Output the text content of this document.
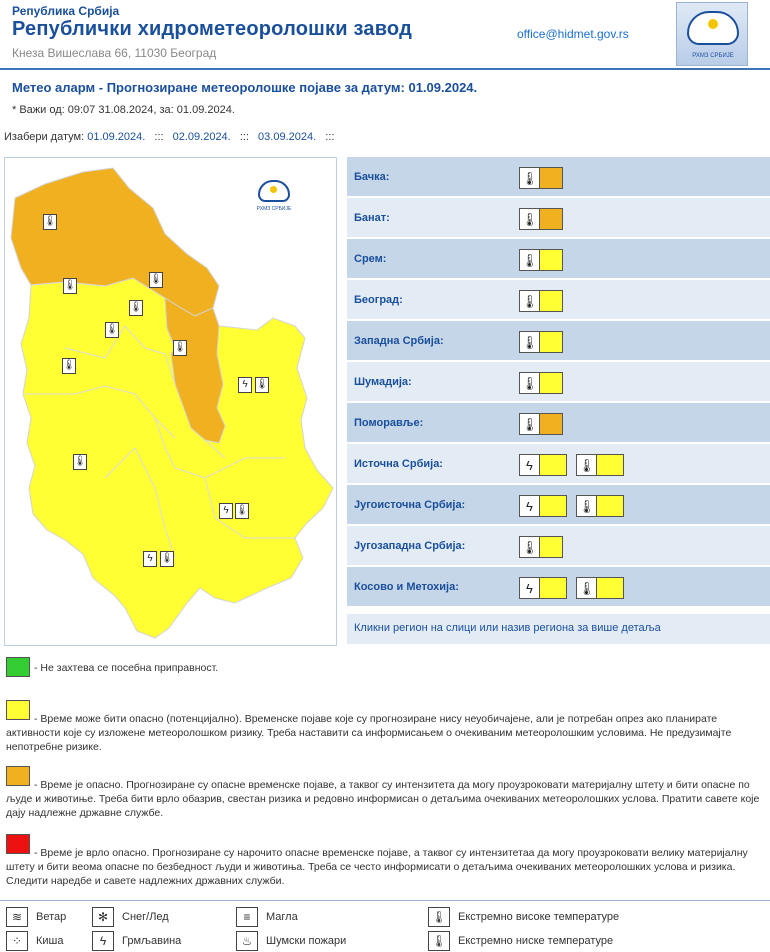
Република Србија
Републички хидрометеоролошки завод
Кнеза Вишеслава 66, 11030 Београд
office@hidmet.gov.rs
РХМЗ СРБИЈЕ
Метео аларм - Прогнозиране метеоролошке појаве за датум: 01.09.2024.
* Важи од: 09:07 31.08.2024, за: 01.09.2024.
Изабери датум: 01.09.2024. ::: 02.09.2024. ::: 03.09.2024. :::
РХМЗ СРБИЈЕ
🌡
🌡
🌡
🌡
🌡
🌡
🌡
ϟ 🌡
🌡
ϟ 🌡
ϟ 🌡
Бачка:	🌡
Банат:	🌡
Срем:	🌡
Београд:	🌡
Западна Србија:	🌡
Шумадија:	🌡
Поморавље:	🌡
Источна Србија:	ϟ	🌡
Југоисточна Србија:	ϟ	🌡
Југозападна Србија:	🌡
Косово и Метохија:	ϟ	🌡
Кликни регион на слици или назив региона за више детаља
- Не захтева се посебна приправност.
- Време може бити опасно (потенцијално). Временске појаве које су прогнозиране нису неуобичајене, али је потребан опрез ако планирате активности које су изложене метеоролошком ризику. Треба наставити са информисањем о очекиваним метеоролошким условима. Не предузимајте непотребне ризике.
- Време је опасно. Прогнозиране су опасне временске појаве, а таквог су интензитета да могу проузроковати материјалну штету и бити опасне по људе и животиње. Треба бити врло обазрив, свестан ризика и редовно информисан о детаљима очекиваних метеоролошких услова. Пратити савете које дају надлежне државне службе.
- Време је врло опасно. Прогнозиране су нарочито опасне временске појаве, а таквог су интензитетаа да могу проузроковати велику материјалну штету и бити веома опасне по безбедност људи и животиња. Треба се често информисати о детаљима очекиваних метеоролошких услова и ризика. Следити наредбе и савете надлежних државних служби.
≋	Ветар	✻	Снег/Лед	≡	Магла	🌡	Екстремно високе температуре
⁘	Киша	ϟ	Грмљавина	♨	Шумски пожари	🌡	Екстремно ниске температуре
